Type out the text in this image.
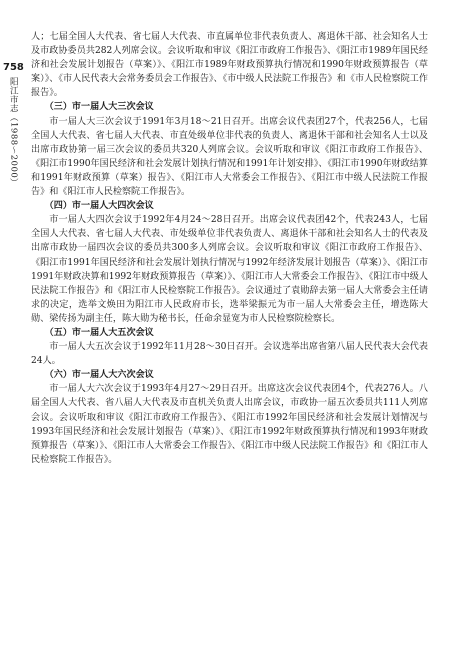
758
阳江市志（1988～2000）

人；七届全国人大代表、省七届人大代表、市直属单位非代表负责人、离退休干部、社会知名人士及市政协委员共282人列席会议。会议听取和审议《阳江市政府工作报告》、《阳江市1989年国民经济和社会发展计划报告（草案）》、《阳江市1989年财政预算执行情况和1990年财政预算报告（草案）》、《市人民代表大会常务委员会工作报告》、《市中级人民法院工作报告》和《市人民检察院工作报告》。

（三）市一届人大三次会议

市一届人大三次会议于1991年3月18～21日召开。出席会议代表团27个，代表256人，七届全国人大代表、省七届人大代表、市直处级单位非代表的负责人、离退休干部和社会知名人士以及出席市政协第一届三次会议的委员共320人列席会议。会议听取和审议《阳江市政府工作报告》、《阳江市1990年国民经济和社会发展计划执行情况和1991年计划安排》、《阳江市1990年财政结算和1991年财政预算（草案）报告》、《阳江市人大常委会工作报告》、《阳江市中级人民法院工作报告》和《阳江市人民检察院工作报告》。

（四）市一届人大四次会议

市一届人大四次会议于1992年4月24～28日召开。出席会议代表团42个，代表243人，七届全国人大代表、省七届人大代表、市处级单位非代表负责人、离退休干部和社会知名人士的代表及出席市政协一届四次会议的委员共300多人列席会议。会议听取和审议《阳江市政府工作报告》、《阳江市1991年国民经济和社会发展计划执行情况与1992年经济发展计划报告（草案）》、《阳江市1991年财政决算和1992年财政预算报告（草案）》、《阳江市人大常委会工作报告》、《阳江市中级人民法院工作报告》和《阳江市人民检察院工作报告》。会议通过了袁勋辞去第一届人大常委会主任请求的决定，选举文焕田为阳江市人民政府市长，选举梁振元为市一届人大常委会主任，增选陈大勋、梁传扬为副主任，陈大勋为秘书长，任命余显宽为市人民检察院检察长。

（五）市一届人大五次会议

市一届人大五次会议于1992年11月28～30日召开。会议选举出席省第八届人民代表大会代表24人。

（六）市一届人大六次会议

市一届人大六次会议于1993年4月27～29日召开。出席这次会议代表团4个，代表276人。八届全国人大代表、省八届人大代表及市直机关负责人出席会议，市政协一届五次委员共111人列席会议。会议听取和审议《阳江市政府工作报告》、《阳江市1992年国民经济和社会发展计划情况与1993年国民经济和社会发展计划报告（草案）》、《阳江市1992年财政预算执行情况和1993年财政预算报告（草案）》、《阳江市人大常委会工作报告》、《阳江市中级人民法院工作报告》和《阳江市人民检察院工作报告》。
